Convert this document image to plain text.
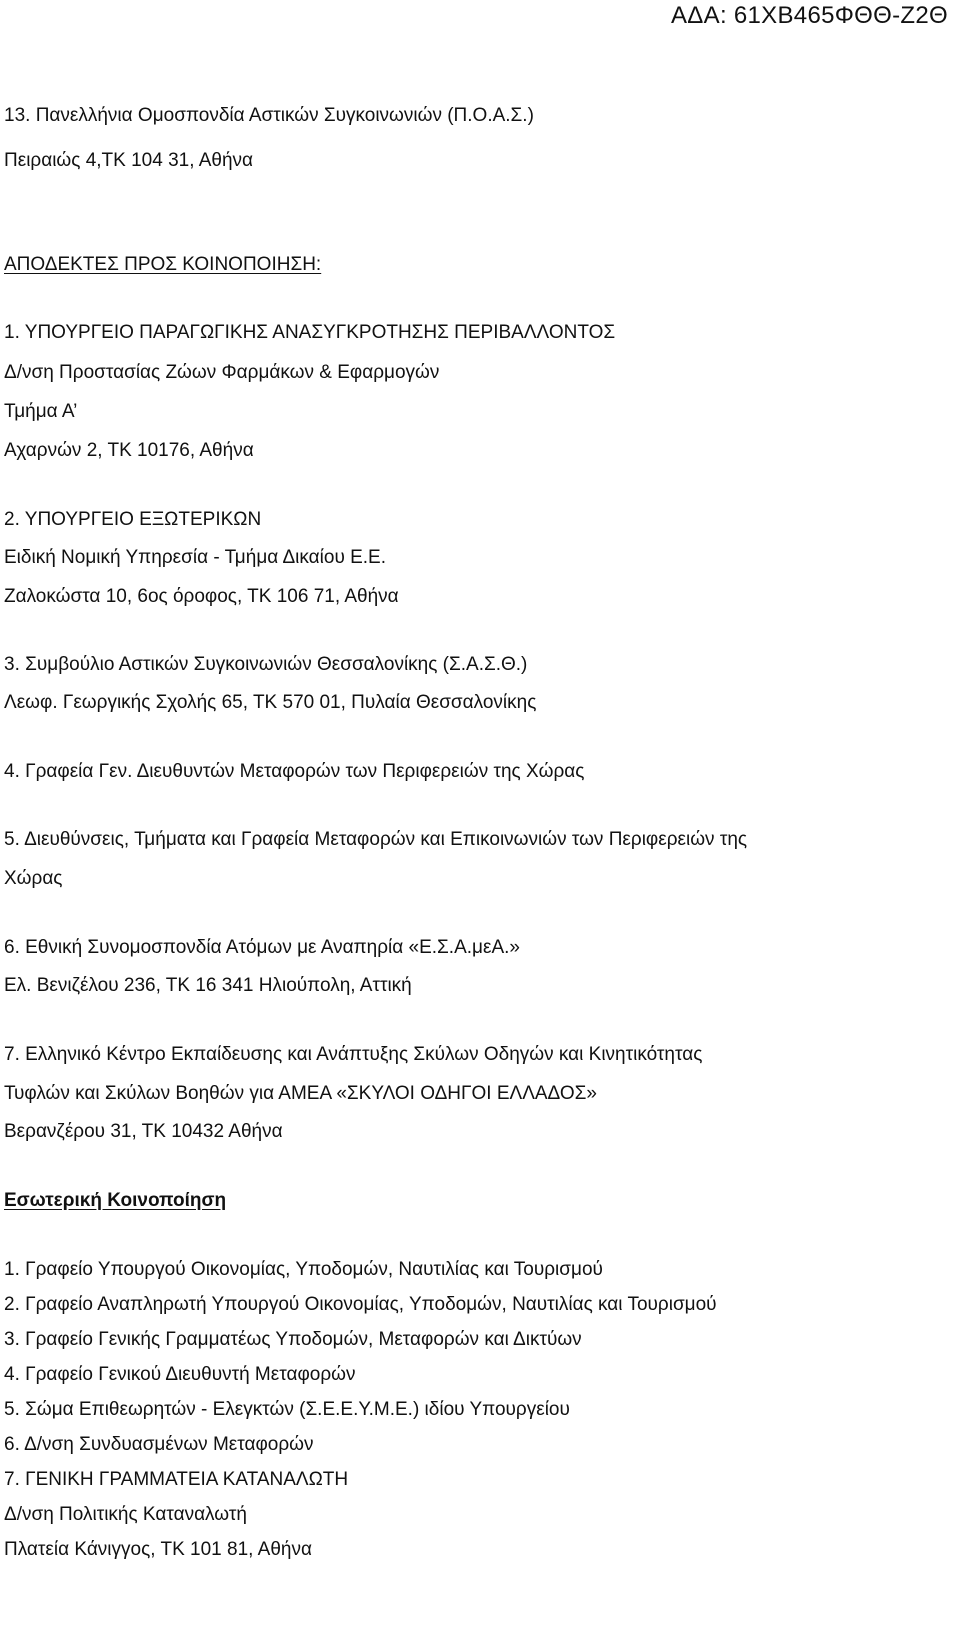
ΑΔΑ: 61ΧΒ465ΦΘΘ-Ζ2Θ
13. Πανελλήνια Ομοσπονδία Αστικών Συγκοινωνιών (Π.Ο.Α.Σ.)
Πειραιώς 4,ΤΚ 104 31, Αθήνα
ΑΠΟΔΕΚΤΕΣ ΠΡΟΣ ΚΟΙΝΟΠΟΙΗΣΗ:
1. ΥΠΟΥΡΓΕΙΟ ΠΑΡΑΓΩΓΙΚΗΣ ΑΝΑΣΥΓΚΡΟΤΗΣΗΣ ΠΕΡΙΒΑΛΛΟΝΤΟΣ
Δ/νση Προστασίας Ζώων Φαρμάκων & Εφαρμογών
Τμήμα Α’
Αχαρνών 2, ΤΚ 10176, Αθήνα
2. ΥΠΟΥΡΓΕΙΟ ΕΞΩΤΕΡΙΚΩΝ
Ειδική Νομική Υπηρεσία - Τμήμα Δικαίου Ε.Ε.
Ζαλοκώστα 10, 6ος όροφος, ΤΚ 106 71, Αθήνα
3. Συμβούλιο Αστικών Συγκοινωνιών Θεσσαλονίκης (Σ.Α.Σ.Θ.)
Λεωφ. Γεωργικής Σχολής 65, ΤΚ 570 01, Πυλαία Θεσσαλονίκης
4. Γραφεία Γεν. Διευθυντών Μεταφορών των Περιφερειών της Χώρας
5. Διευθύνσεις, Τμήματα και Γραφεία Μεταφορών και Επικοινωνιών των Περιφερειών της
Χώρας
6. Εθνική Συνομοσπονδία Ατόμων με Αναπηρία «Ε.Σ.Α.μεΑ.»
Ελ. Βενιζέλου 236, ΤΚ 16 341 Ηλιούπολη, Αττική
7. Ελληνικό Κέντρο Εκπαίδευσης και Ανάπτυξης Σκύλων Οδηγών και Κινητικότητας
Τυφλών και Σκύλων Βοηθών για ΑΜΕΑ «ΣΚΥΛΟΙ ΟΔΗΓΟΙ ΕΛΛΑΔΟΣ»
Βερανζέρου 31, ΤΚ 10432 Αθήνα
Εσωτερική Κοινοποίηση
1. Γραφείο Υπουργού Οικονομίας, Υποδομών, Ναυτιλίας και Τουρισμού
2. Γραφείο Αναπληρωτή Υπουργού Οικονομίας, Υποδομών, Ναυτιλίας και Τουρισμού
3. Γραφείο Γενικής Γραμματέως Υποδομών, Μεταφορών και Δικτύων
4. Γραφείο Γενικού Διευθυντή Μεταφορών
5. Σώμα Επιθεωρητών - Ελεγκτών (Σ.Ε.Ε.Υ.Μ.Ε.) ιδίου Υπουργείου
6. Δ/νση Συνδυασμένων Μεταφορών
7. ΓΕΝΙΚΗ ΓΡΑΜΜΑΤΕΙΑ ΚΑΤΑΝΑΛΩΤΗ
Δ/νση Πολιτικής Καταναλωτή
Πλατεία Κάνιγγος, ΤΚ 101 81, Αθήνα
